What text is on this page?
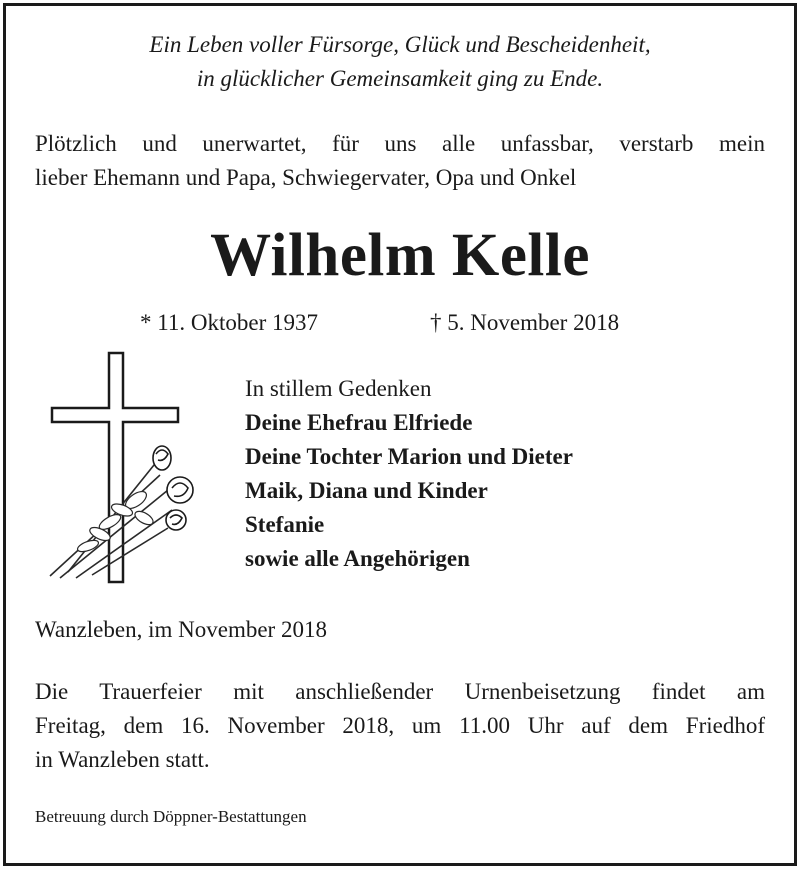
Ein Leben voller Fürsorge, Glück und Bescheidenheit,
in glücklicher Gemeinsamkeit ging zu Ende.
Plötzlich und unerwartet, für uns alle unfassbar, verstarb mein
lieber Ehemann und Papa, Schwiegervater, Opa und Onkel
Wilhelm Kelle
* 11. Oktober 1937	† 5. November 2018
In stillem Gedenken
Deine Ehefrau Elfriede
Deine Tochter Marion und Dieter
Maik, Diana und Kinder
Stefanie
sowie alle Angehörigen
Wanzleben, im November 2018
Die Trauerfeier mit anschließender Urnenbeisetzung findet am
Freitag, dem 16. November 2018, um 11.00 Uhr auf dem Friedhof
in Wanzleben statt.
Betreuung durch Döppner-Bestattungen
